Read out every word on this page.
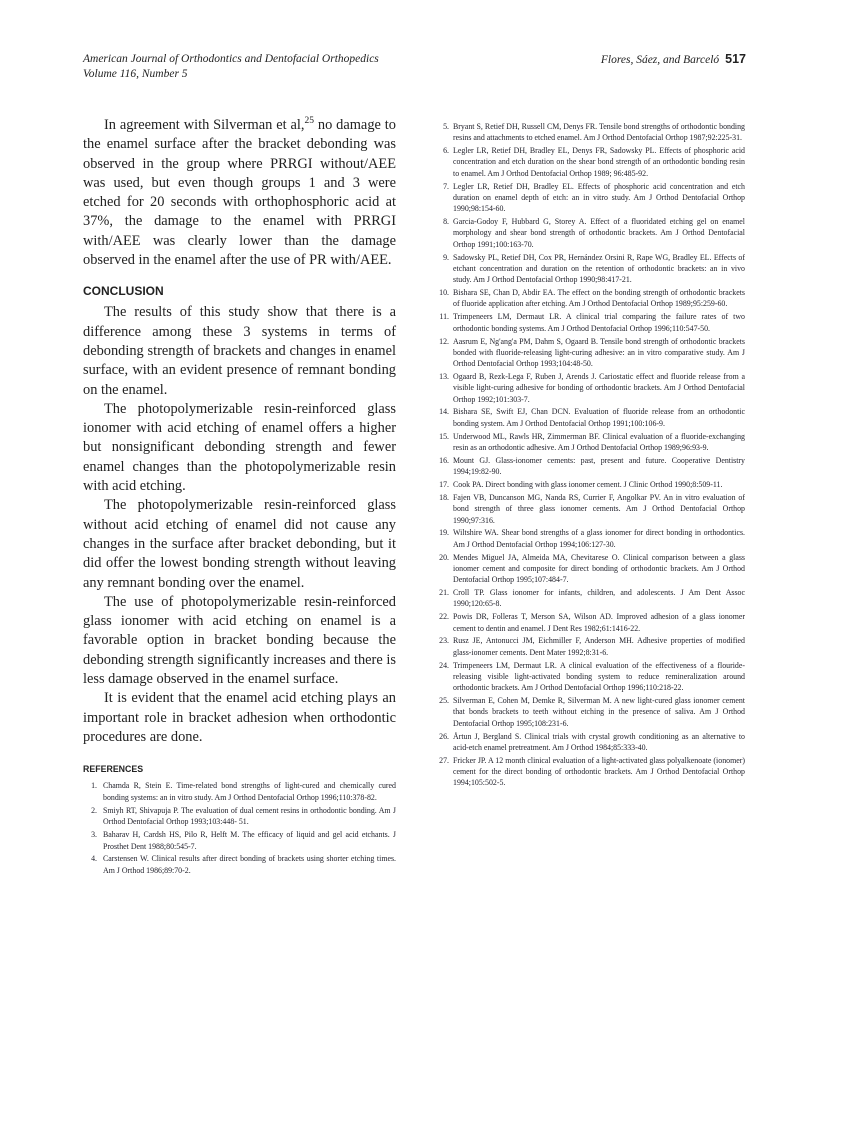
American Journal of Orthodontics and Dentofacial Orthopedics
Volume 116, Number 5
Flores, Sáez, and Barceló 517

In agreement with Silverman et al,$^{25}$ no damage to the enamel surface after the bracket debonding was observed in the group where PRRGI without/AEE was used, but even though groups 1 and 3 were etched for 20 seconds with orthophosphoric acid at 37%, the damage to the enamel with PRRGI with/AEE was clearly lower than the damage observed in the enamel after the use of PR with/AEE.

CONCLUSION

The results of this study show that there is a difference among these 3 systems in terms of debonding strength of brackets and changes in enamel surface, with an evident presence of remnant bonding on the enamel.

The photopolymerizable resin-reinforced glass ionomer with acid etching of enamel offers a higher but nonsignificant debonding strength and fewer enamel changes than the photopolymerizable resin with acid etching.

The photopolymerizable resin-reinforced glass without acid etching of enamel did not cause any changes in the surface after bracket debonding, but it did offer the lowest bonding strength without leaving any remnant bonding over the enamel.

The use of photopolymerizable resin-reinforced glass ionomer with acid etching on enamel is a favorable option in bracket bonding because the debonding strength significantly increases and there is less damage observed in the enamel surface.

It is evident that the enamel acid etching plays an important role in bracket adhesion when orthodontic procedures are done.

REFERENCES
1. Chamda R, Stein E. Time-related bond strengths of light-cured and chemically cured bonding systems: an in vitro study. Am J Orthod Dentofacial Orthop 1996;110:378-82.
2. Smiyh RT, Shivapuja P. The evaluation of dual cement resins in orthodontic bonding. Am J Orthod Dentofacial Orthop 1993;103:448- 51.
3. Baharav H, Cardsh HS, Pilo R, Helft M. The efficacy of liquid and gel acid etchants. J Prosthet Dent 1988;80:545-7.
4. Carstensen W. Clinical results after direct bonding of brackets using shorter etching times. Am J Orthod 1986;89:70-2.
5. Bryant S, Retief DH, Russell CM, Denys FR. Tensile bond strengths of orthodontic bonding resins and attachments to etched enamel. Am J Orthod Dentofacial Orthop 1987;92:225-31.
6. Legler LR, Retief DH, Bradley EL, Denys FR, Sadowsky PL. Effects of phosphoric acid concentration and etch duration on the shear bond strength of an orthodontic bonding resin to enamel. Am J Orthod Dentofacial Orthop 1989; 96:485-92.
7. Legler LR, Retief DH, Bradley EL. Effects of phosphoric acid concentration and etch duration on enamel depth of etch: an in vitro study. Am J Orthod Dentofacial Orthop 1990;98:154-60.
8. Garcia-Godoy F, Hubbard G, Storey A. Effect of a fluoridated etching gel on enamel morphology and shear bond strength of orthodontic brackets. Am J Orthod Dentofacial Orthop 1991;100:163-70.
9. Sadowsky PL, Retief DH, Cox PR, Hernández Orsini R, Rape WG, Bradley EL. Effects of etchant concentration and duration on the retention of orthodontic brackets: an in vivo study. Am J Orthod Dentofacial Orthop 1990;98:417-21.
10. Bishara SE, Chan D, Abdir EA. The effect on the bonding strength of orthodontic brackets of fluoride application after etching. Am J Orthod Dentofacial Orthop 1989;95:259-60.
11. Trimpeneers LM, Dermaut LR. A clinical trial comparing the failure rates of two orthodontic bonding systems. Am J Orthod Dentofacial Orthop 1996;110:547-50.
12. Aasrum E, Ng'ang'a PM, Dahm S, Ogaard B. Tensile bond strength of orthodontic brackets bonded with fluoride-releasing light-curing adhesive: an in vitro comparative study. Am J Orthod Dentofacial Orthop 1993;104:48-50.
13. Ogaard B, Rezk-Lega F, Ruben J, Arends J. Cariostatic effect and fluoride release from a visible light-curing adhesive for bonding of orthodontic brackets. Am J Orthod Dentofacial Orthop 1992;101:303-7.
14. Bishara SE, Swift EJ, Chan DCN. Evaluation of fluoride release from an orthodontic bonding system. Am J Orthod Dentofacial Orthop 1991;100:106-9.
15. Underwood ML, Rawls HR, Zimmerman BF. Clinical evaluation of a fluoride-exchanging resin as an orthodontic adhesive. Am J Orthod Dentofacial Orthop 1989;96:93-9.
16. Mount GJ. Glass-ionomer cements: past, present and future. Cooperative Dentistry 1994;19:82-90.
17. Cook PA. Direct bonding with glass ionomer cement. J Clinic Orthod 1990;8:509-11.
18. Fajen VB, Duncanson MG, Nanda RS, Currier F, Angolkar PV. An in vitro evaluation of bond strength of three glass ionomer cements. Am J Orthod Dentofacial Orthop 1990;97:316.
19. Wiltshire WA. Shear bond strengths of a glass ionomer for direct bonding in orthodontics. Am J Orthod Dentofacial Orthop 1994;106:127-30.
20. Mendes Miguel JA, Almeida MA, Chevitarese O. Clinical comparison between a glass ionomer cement and composite for direct bonding of orthodontic brackets. Am J Orthod Dentofacial Orthop 1995;107:484-7.
21. Croll TP. Glass ionomer for infants, children, and adolescents. J Am Dent Assoc 1990;120:65-8.
22. Powis DR, Folleras T, Merson SA, Wilson AD. Improved adhesion of a glass ionomer cement to dentin and enamel. J Dent Res 1982;61:1416-22.
23. Rusz JE, Antonucci JM, Eichmiller F, Anderson MH. Adhesive properties of modified glass-ionomer cements. Dent Mater 1992;8:31-6.
24. Trimpeneers LM, Dermaut LR. A clinical evaluation of the effectiveness of a flouride-releasing visible light-activated bonding system to reduce remineralization around orthodontic brackets. Am J Orthod Dentofacial Orthop 1996;110:218-22.
25. Silverman E, Cohen M, Demke R, Silverman M. A new light-cured glass ionomer cement that bonds brackets to teeth without etching in the presence of saliva. Am J Orthod Dentofacial Orthop 1995;108:231-6.
26. Årtun J, Bergland S. Clinical trials with crystal growth conditioning as an alternative to acid-etch enamel pretreatment. Am J Orthod 1984;85:333-40.
27. Fricker JP. A 12 month clinical evaluation of a light-activated glass polyalkenoate (ionomer) cement for the direct bonding of orthodontic brackets. Am J Orthod Dentofacial Orthop 1994;105:502-5.
